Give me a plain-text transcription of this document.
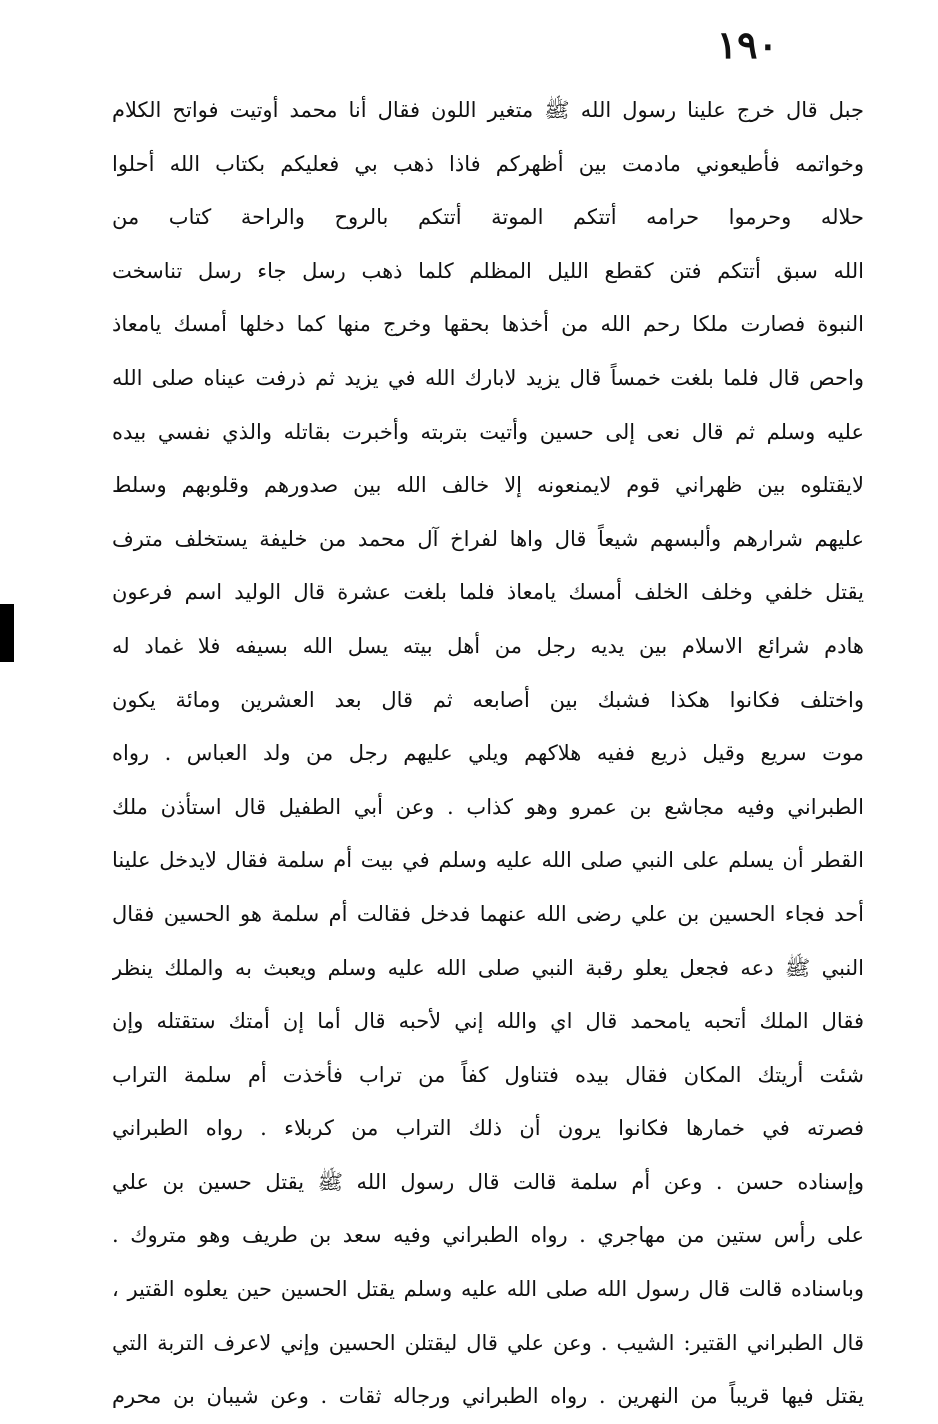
١٩٠
جبل قال خرج علينا رسول الله ﷺ متغير اللون فقال أنا محمد أوتيت فواتح الكلام
وخواتمه فأطيعوني مادمت بين أظهركم فاذا ذهب بي فعليكم بكتاب الله أحلوا
حلاله وحرموا حرامه أتتكم الموتة أتتكم بالروح والراحة كتاب من
الله سبق أتتكم فتن كقطع الليل المظلم كلما ذهب رسل جاء رسل تناسخت
النبوة فصارت ملكا رحم الله من أخذها بحقها وخرج منها كما دخلها أمسك يامعاذ
واحص قال فلما بلغت خمساً قال يزيد لابارك الله في يزيد ثم ذرفت عيناه صلى الله
عليه وسلم ثم قال نعى إلى حسين وأتيت بتربته وأخبرت بقاتله والذي نفسي بيده
لايقتلوه بين ظهراني قوم لايمنعونه إلا خالف الله بين صدورهم وقلوبهم وسلط
عليهم شرارهم وألبسهم شيعاً قال واها لفراخ آل محمد من خليفة يستخلف مترف
يقتل خلفي وخلف الخلف أمسك يامعاذ فلما بلغت عشرة قال الوليد اسم فرعون
هادم شرائع الاسلام بين يديه رجل من أهل بيته يسل الله بسيفه فلا غماد له
واختلف فكانوا هكذا فشبك بين أصابعه ثم قال بعد العشرين ومائة يكون
موت سريع وقيل ذريع ففيه هلاكهم ويلي عليهم رجل من ولد العباس . رواه
الطبراني وفيه مجاشع بن عمرو وهو كذاب . وعن أبي الطفيل قال استأذن ملك
القطر أن يسلم على النبي صلى الله عليه وسلم في بيت أم سلمة فقال لايدخل علينا
أحد فجاء الحسين بن علي رضى الله عنهما فدخل فقالت أم سلمة هو الحسين فقال
النبي ﷺ دعه فجعل يعلو رقبة النبي صلى الله عليه وسلم ويعبث به والملك ينظر
فقال الملك أتحبه يامحمد قال اي والله إني لأحبه قال أما إن أمتك ستقتله وإن
شئت أريتك المكان فقال بيده فتناول كفاً من تراب فأخذت أم سلمة التراب
فصرته في خمارها فكانوا يرون أن ذلك التراب من كربلاء . رواه الطبراني
وإسناده حسن . وعن أم سلمة قالت قال رسول الله ﷺ يقتل حسين بن علي
على رأس ستين من مهاجري . رواه الطبراني وفيه سعد بن طريف وهو متروك .
وباسناده قالت قال رسول الله صلى الله عليه وسلم يقتل الحسين حين يعلوه القتير ،
قال الطبراني القتير: الشيب . وعن علي قال ليقتلن الحسين وإني لاعرف التربة التي
يقتل فيها قريباً من النهرين . رواه الطبراني ورجاله ثقات . وعن شيبان بن محرم
